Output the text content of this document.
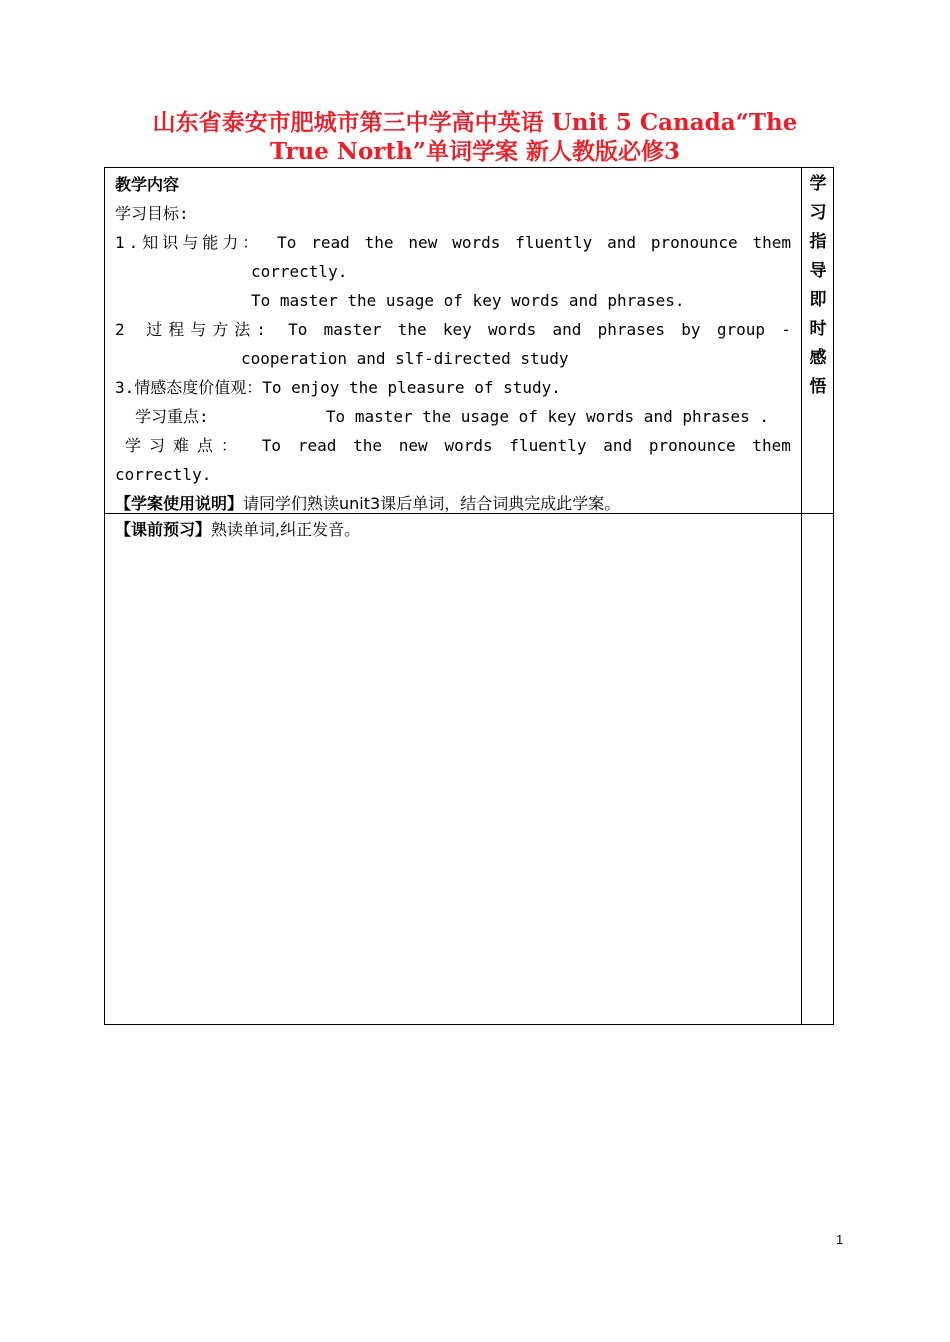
山东省泰安市肥城市第三中学高中英语 Unit 5 Canada“The
True North”单词学案 新人教版必修3
学
习
指
导
即
时
感
悟
教学内容
学习目标:
1.知识与能力： To read the new words fluently and pronounce them
correctly.
To master the usage of key words and phrases.
2 过程与方法: To master the key words and phrases by group -
cooperation and slf-directed study
3.情感态度价值观：To enjoy the pleasure of study.
学习重点:	To master the usage of key words and phrases .
学习难点： To read the new words fluently and pronounce them
correctly.
【学案使用说明】请同学们熟读unit3课后单词，结合词典完成此学案。
【课前预习】熟读单词,纠正发音。
1
